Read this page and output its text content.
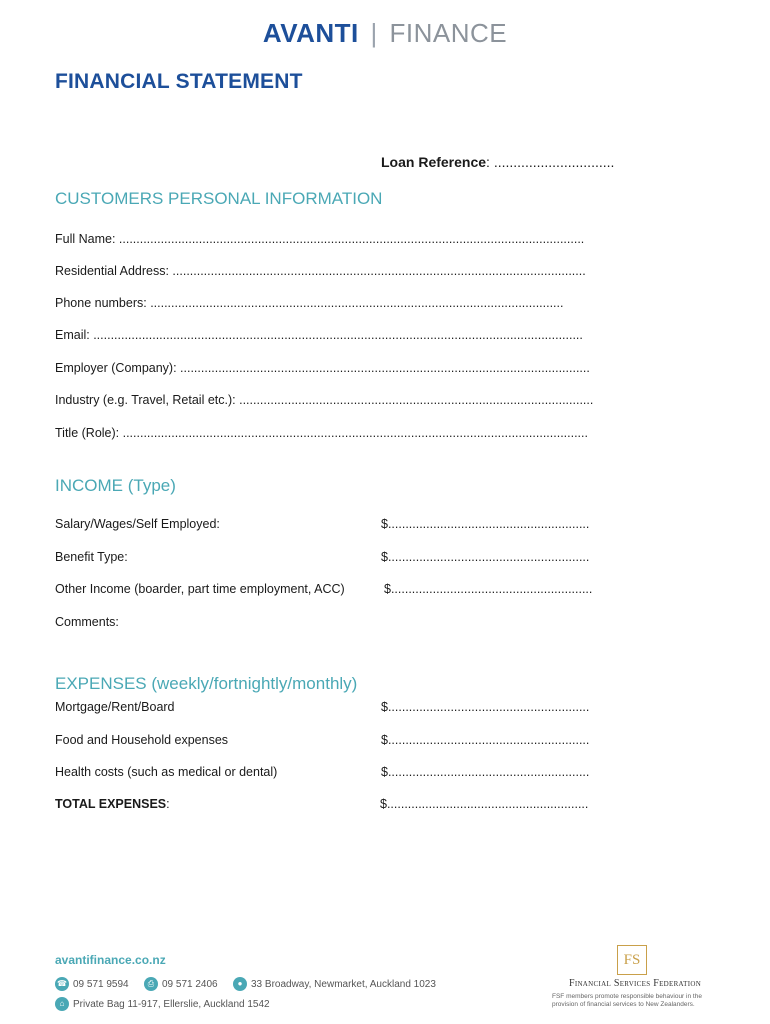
AVANTI | FINANCE
FINANCIAL STATEMENT
Loan Reference: ...............................
CUSTOMERS PERSONAL INFORMATION
Full Name: ......................................................................................................................................
Residential Address: .......................................................................................................................
Phone numbers: .......................................................................................................................
Email: .............................................................................................................................................
Employer (Company): ......................................................................................................................
Industry (e.g. Travel, Retail etc.): ......................................................................................................
Title (Role): ......................................................................................................................................
INCOME (Type)
Salary/Wages/Self Employed:	$..........................................................
Benefit Type:	$..........................................................
Other Income (boarder, part time employment, ACC)	$..........................................................
Comments:
EXPENSES (weekly/fortnightly/monthly)
Mortgage/Rent/Board	$..........................................................
Food and Household expenses	$..........................................................
Health costs (such as medical or dental)	$..........................................................
TOTAL EXPENSES:	$..........................................................
avantifinance.co.nz
☎ 09 571 9594	⎙ 09 571 2406	● 33 Broadway, Newmarket, Auckland 1023
⌂ Private Bag 11-917, Ellerslie, Auckland 1542
FS
Financial Services Federation
FSF members promote responsible behaviour in the provision of financial services to New Zealanders.
